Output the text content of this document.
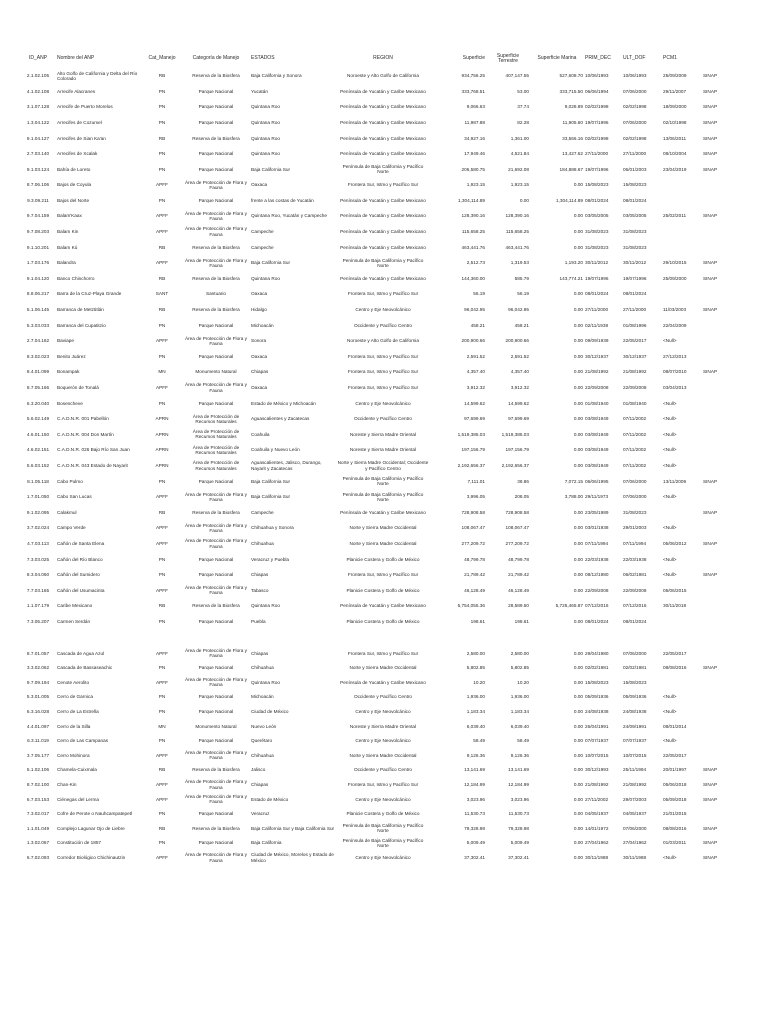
ID_ANP	Nombre del ANP	Cat_Manejo	Categoría de Manejo	ESTADOS	REGION	Superficie	Superficie Terrestre	Superficie Marina	PRIM_DEC	ULT_DOF	PCM1	
2.1.02.105	Alto Golfo de California y Delta del Río Colorado	RB	Reserva de la Biosfera	Baja California y Sonora	Noroeste y Alto Golfo de California	934,756.25	407,147.55	527,608.70	10/06/1993	10/06/1993	25/09/2009	SINAP
4.1.02.108	Arrecife Alacranes	PN	Parque Nacional	Yucatán	Península de Yucatán y Caribe Mexicano	333,768.51	53.00	333,715.50	06/06/1994	07/06/2000	29/11/2007	SINAP
3.1.07.128	Arrecife de Puerto Morelos	PN	Parque Nacional	Quintana Roo	Península de Yucatán y Caribe Mexicano	9,066.63	37.74	9,028.89	02/02/1998	02/02/1998	18/09/2000	SINAP
1.3.04.122	Arrecifes de Cozumel	PN	Parque Nacional	Quintana Roo	Península de Yucatán y Caribe Mexicano	11,987.88	82.28	11,905.60	19/07/1996	07/06/2000	02/10/1998	SINAP
9.1.04.127	Arrecifes de Sian Ka'an	RB	Reserva de la Biosfera	Quintana Roo	Península de Yucatán y Caribe Mexicano	34,927.16	1,361.00	33,566.16	02/02/1998	02/02/1998	13/06/2011	SINAP
2.7.03.140	Arrecifes de Xcalak	PN	Parque Nacional	Quintana Roo	Península de Yucatán y Caribe Mexicano	17,949.46	4,521.84	13,427.62	27/11/2000	27/11/2000	08/10/2004	SINAP
9.1.03.124	Bahía de Loreto	PN	Parque Nacional	Baja California Sur	Península de Baja California y Pacífico Norte	206,580.75	21,692.08	184,888.67	19/07/1996	06/01/2003	23/04/2019	SINAP
8.7.06.106	Bajos de Coyula	APFF	Área de Protección de Flora y Fauna	Oaxaca	Frontera Sur, Istmo y Pacífico Sur	1,923.15	1,923.15	0.00	15/08/2023	15/08/2023		
9.3.09.211	Bajos del Norte	PN	Parque Nacional	frente a las costas de Yucatán	Península de Yucatán y Caribe Mexicano	1,304,114.89	0.00	1,304,114.89	08/01/2024	08/01/2024		
9.7.04.159	Balam'Kaax	APFF	Área de Protección de Flora y Fauna	Quintana Roo, Yucatán y Campeche	Península de Yucatán y Caribe Mexicano	128,390.16	128,390.16	0.00	03/05/2005	03/05/2005	25/02/2011	SINAP
9.7.08.203	Balam Kin	APFF	Área de Protección de Flora y Fauna	Campeche	Península de Yucatán y Caribe Mexicano	115,658.25	115,658.25	0.00	31/08/2023	31/08/2023		
9.1.10.201	Balam Kú	RB	Reserva de la Biosfera	Campeche	Península de Yucatán y Caribe Mexicano	463,441.76	463,441.76	0.00	31/08/2023	31/08/2023		
1.7.03.176	Balandra	APFF	Área de Protección de Flora y Fauna	Baja California Sur	Península de Baja California y Pacífico Norte	2,512.73	1,319.53	1,193.20	30/11/2012	30/11/2012	29/10/2015	SINAP
9.1.04.120	Banco Chinchorro	RB	Reserva de la Biosfera	Quintana Roo	Península de Yucatán y Caribe Mexicano	144,360.00	585.79	143,774.21	19/07/1996	19/07/1996	25/09/2000	SINAP
8.8.06.217	Barra de la Cruz-Playa Grande	SANT	Santuario	Oaxaca	Frontera Sur, Istmo y Pacífico Sur	56.19	56.19	0.00	08/01/2024	08/01/2024		
5.1.06.145	Barranca de Metztitlán	RB	Reserva de la Biosfera	Hidalgo	Centro y Eje Neovolcánico	96,042.95	96,042.95	0.00	27/11/2000	27/11/2000	11/03/2003	SINAP
5.3.03.033	Barranca del Cupatitzio	PN	Parque Nacional	Michoacán	Occidente y Pacífico Centro	458.21	458.21	0.00	02/11/1938	01/08/1996	22/04/2009	
2.7.04.162	Baviape	APFF	Área de Protección de Flora y Fauna	Sonora	Noroeste y Alto Golfo de California	200,900.66	200,900.66	0.00	09/09/1939	22/05/2017	<Null>	
8.3.02.023	Benito Juárez	PN	Parque Nacional	Oaxaca	Frontera Sur, Istmo y Pacífico Sur	2,591.52	2,591.52	0.00	30/12/1937	30/12/1937	27/12/2013	
8.4.01.099	Bonampak	MN	Monumento Natural	Chiapas	Frontera Sur, Istmo y Pacífico Sur	4,357.40	4,357.40	0.00	21/08/1992	21/08/1992	08/07/2010	SINAP
8.7.05.166	Boquerón de Tonalá	APFF	Área de Protección de Flora y Fauna	Oaxaca	Frontera Sur, Istmo y Pacífico Sur	3,912.32	3,912.32	0.00	22/09/2008	22/09/2008	03/04/2013	
6.3.20.040	Bosencheve	PN	Parque Nacional	Estado de México y Michoacán	Centro y Eje Neovolcánico	14,599.62	14,599.62	0.00	01/08/1940	01/08/1940	<Null>	
5.6.02.149	C.A.D.N.R. 001 Pabellón	APRN	Área de Protección de Recursos Naturales	Aguascalientes y Zacatecas	Occidente y Pacífico Centro	97,699.69	97,699.69	0.00	03/08/1949	07/11/2002	<Null>	
4.6.01.150	C.A.D.N.R. 004 Don Martín	APRN	Área de Protección de Recursos Naturales	Coahuila	Noreste y Sierra Madre Oriental	1,519,385.03	1,519,385.03	0.00	03/08/1949	07/11/2002	<Null>	
4.6.02.151	C.A.D.N.R. 026 Bajo Río San Juan	APRN	Área de Protección de Recursos Naturales	Coahuila y Nuevo León	Noreste y Sierra Madre Oriental	197,156.79	197,156.79	0.00	03/08/1949	07/11/2002	<Null>	
5.6.03.152	C.A.D.N.R. 043 Estado de Nayarit	APRN	Área de Protección de Recursos Naturales	Aguascalientes, Jalisco, Durango, Nayarit y Zacatecas	Norte y Sierra Madre Occidental; Occidente y Pacífico Centro	2,192,656.37	2,192,656.37	0.00	03/08/1949	07/11/2002	<Null>	
8.1.05.118	Cabo Pulmo	PN	Parque Nacional	Baja California Sur	Península de Baja California y Pacífico Norte	7,111.01	38.86	7,072.15	06/06/1995	07/06/2000	13/11/2009	SINAP
1.7.01.050	Cabo San Lucas	APFF	Área de Protección de Flora y Fauna	Baja California Sur	Península de Baja California y Pacífico Norte	3,996.05	208.05	3,788.00	29/11/1973	07/06/2000	<Null>	
9.1.02.095	Calakmul	RB	Reserva de la Biosfera	Campeche	Península de Yucatán y Caribe Mexicano	728,908.58	728,908.58	0.00	23/05/1989	31/08/2023		SINAP
3.7.02.024	Campo Verde	APFF	Área de Protección de Flora y Fauna	Chihuahua y Sonora	Norte y Sierra Madre Occidental	108,067.47	108,067.47	0.00	03/01/1938	29/01/2003	<Null>	
4.7.03.113	Cañón de Santa Elena	APFF	Área de Protección de Flora y Fauna	Chihuahua	Norte y Sierra Madre Occidental	277,209.72	277,209.72	0.00	07/11/1994	07/11/1994	05/06/2012	SINAP
7.3.03.025	Cañón del Río Blanco	PN	Parque Nacional	Veracruz y Puebla	Planicie Costera y Golfo de México	48,799.78	48,799.78	0.00	22/03/1938	22/03/1938	<Null>	
8.3.04.060	Cañón del Sumidero	PN	Parque Nacional	Chiapas	Frontera Sur, Istmo y Pacífico Sur	21,789.42	21,789.42	0.00	08/12/1980	06/02/1981	<Null>	SINAP
7.7.03.165	Cañón del Usumacinta	APFF	Área de Protección de Flora y Fauna	Tabasco	Planicie Costera y Golfo de México	46,128.49	46,128.49	0.00	22/09/2008	22/09/2008	05/06/2015	
1.1.07.179	Caribe Mexicano	RB	Reserva de la Biosfera	Quintana Roo	Península de Yucatán y Caribe Mexicano	5,754,055.36	28,589.50	5,725,465.87	07/12/2016	07/12/2016	30/11/2018	
7.3.05.207	Carmen Serdán	PN	Parque Nacional	Puebla	Planicie Costera y Golfo de México	198.61	198.61	0.00	08/01/2024	08/01/2024		
8.7.01.057	Cascada de Agua Azul	APFF	Área de Protección de Flora y Fauna	Chiapas	Frontera Sur, Istmo y Pacífico Sur	2,580.00	2,580.00	0.00	29/04/1980	07/06/2000	22/05/2017	
3.3.02.062	Cascada de Bassaseachic	PN	Parque Nacional	Chihuahua	Norte y Sierra Madre Occidental	5,802.85	5,802.85	0.00	02/02/1981	02/02/1981	08/08/2016	SINAP
9.7.09.194	Cenote Aerolito	APFF	Área de Protección de Flora y Fauna	Quintana Roo	Península de Yucatán y Caribe Mexicano	10.20	10.20	0.00	15/08/2023	15/08/2023		
5.3.01.005	Cerro de Garnica	PN	Parque Nacional	Michoacán	Occidente y Pacífico Centro	1,936.00	1,936.00	0.00	05/09/1936	05/09/1936	<Null>	
6.3.16.028	Cerro de La Estrella	PN	Parque Nacional	Ciudad de México	Centro y Eje Neovolcánico	1,183.34	1,183.34	0.00	24/08/1938	24/08/1938	<Null>	
4.4.01.097	Cerro de la Silla	MN	Monumento Natural	Nuevo León	Noreste y Sierra Madre Oriental	6,039.40	6,039.40	0.00	26/04/1991	24/09/1991	08/01/2014	
6.3.11.019	Cerro de Las Campanas	PN	Parque Nacional	Querétaro	Centro y Eje Neovolcánico	58.49	58.49	0.00	07/07/1937	07/07/1937	<Null>	
3.7.05.177	Cerro Mohinora	APFF	Área de Protección de Flora y Fauna	Chihuahua	Norte y Sierra Madre Occidental	9,126.36	9,126.36	0.00	10/07/2015	10/07/2015	22/05/2017	
5.1.02.106	Chamela-Cuixmala	RB	Reserva de la Biosfera	Jalisco	Occidente y Pacífico Centro	13,141.69	13,141.69	0.00	30/12/1993	25/11/1994	20/01/1997	SINAP
8.7.02.100	Chan-Kin	APFF	Área de Protección de Flora y Fauna	Chiapas	Frontera Sur, Istmo y Pacífico Sur	12,184.99	12,184.99	0.00	21/08/1992	21/08/1992	05/06/2018	SINAP
6.7.03.153	Ciénegas del Lerma	APFF	Área de Protección de Flora y Fauna	Estado de México	Centro y Eje Neovolcánico	3,023.96	3,023.96	0.00	27/11/2002	29/07/2003	05/09/2018	SINAP
7.3.02.017	Cofre de Perote o Nauhcampatepetl	PN	Parque Nacional	Veracruz	Planicie Costera y Golfo de México	11,530.73	11,530.73	0.00	04/05/1937	04/05/1937	21/01/2015	
1.1.01.049	Complejo Lagunar Ojo de Liebre	RB	Reserva de la Biosfera	Baja California Sur y Baja California Sur	Península de Baja California y Pacífico Norte	79,328.98	79,328.98	0.00	14/01/1972	07/06/2000	08/08/2016	SINAP
1.3.02.067	Constitución de 1857	PN	Parque Nacional	Baja California	Península de Baja California y Pacífico Norte	5,009.49	5,009.49	0.00	27/04/1962	27/04/1962	01/03/2011	SINAP
6.7.02.093	Corredor Biológico Chichinautzin	APFF	Área de Protección de Flora y Fauna	Ciudad de México, Morelos y Estado de México	Centro y Eje Neovolcánico	37,302.41	37,302.41	0.00	30/11/1988	30/11/1988	<Null>	SINAP
